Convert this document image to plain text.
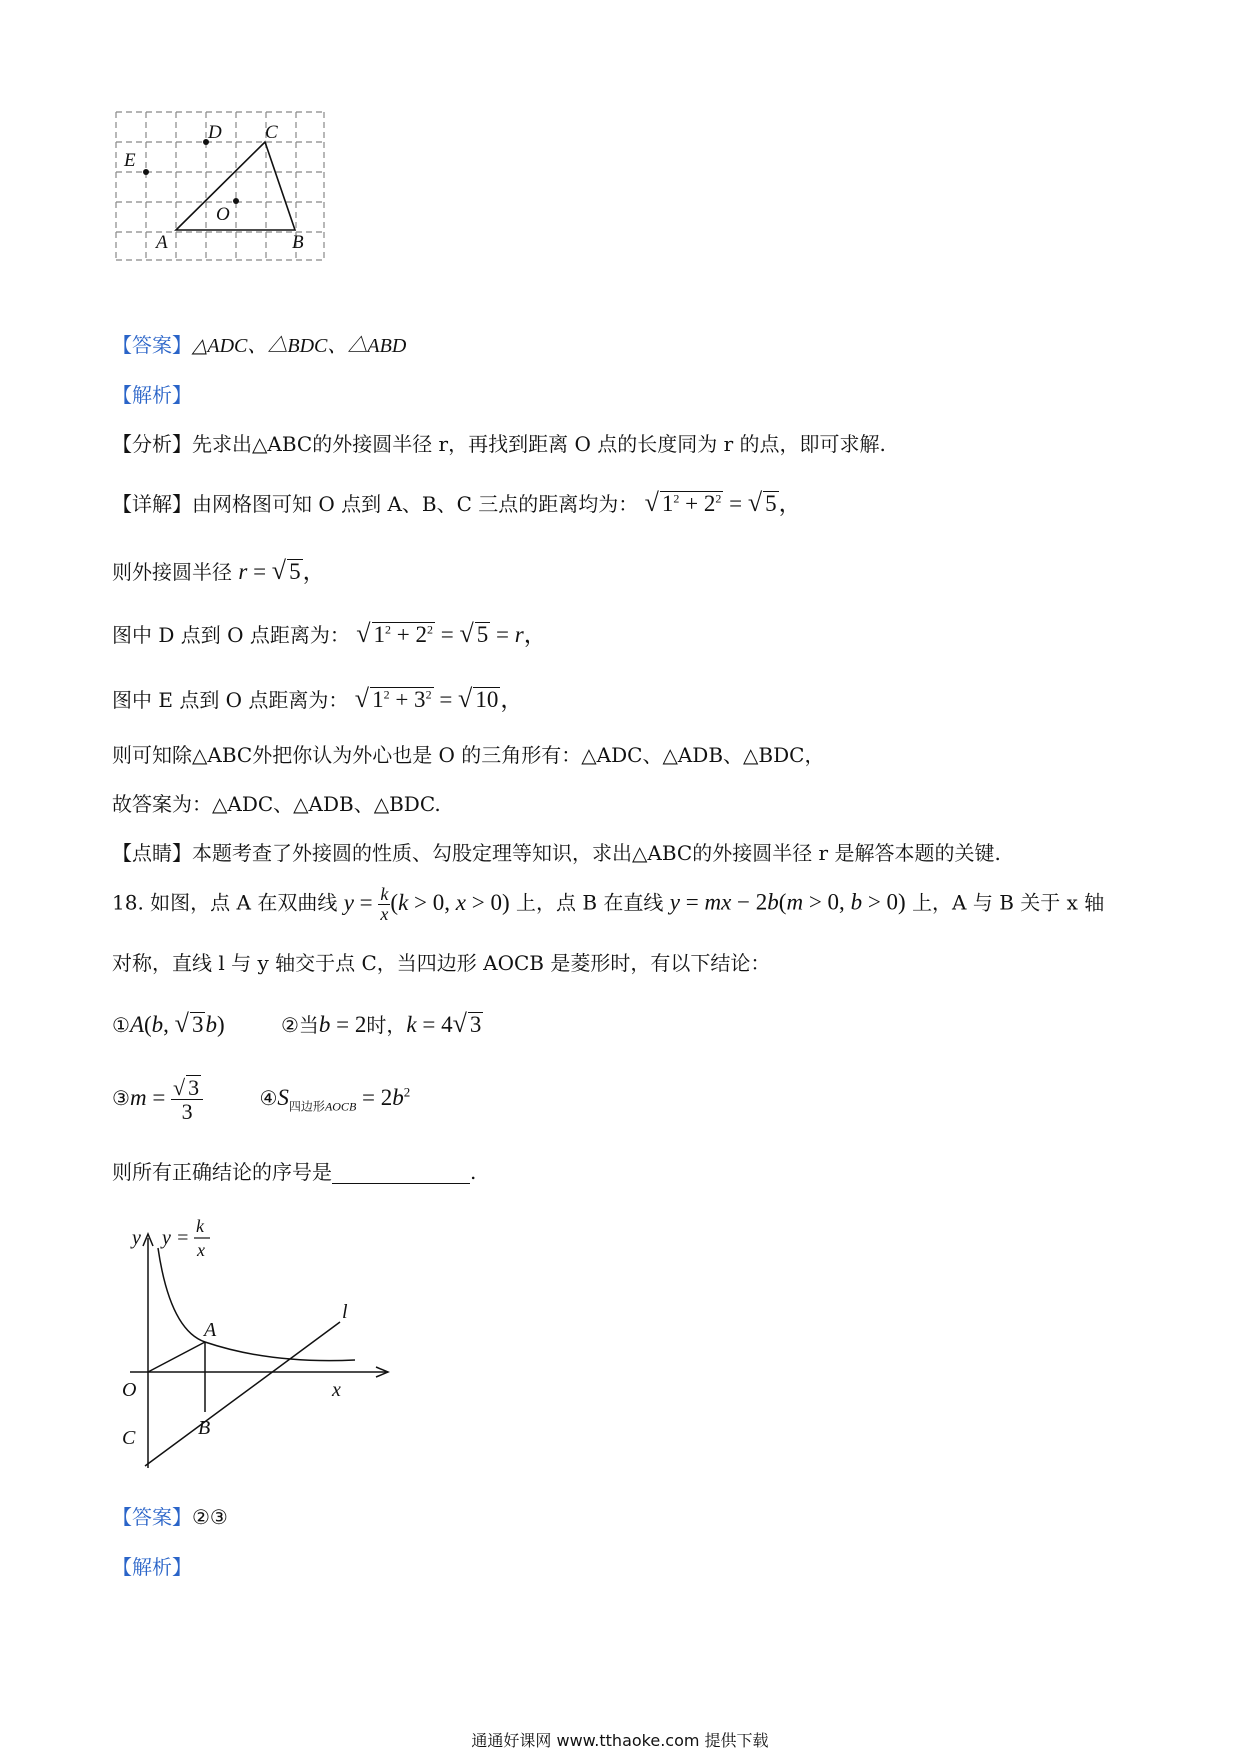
D C
E
O
A	B
【答案】△ADC、△BDC、△ABD
【解析】
【分析】先求出△ABC的外接圆半径 r，再找到距离 O 点的长度同为 r 的点，即可求解.
【详解】由网格图可知 O 点到 A、B、C 三点的距离均为： √ $1^2 + 2^2$ = √ 5，
则外接圆半径 r = √ 5，
图中 D 点到 O 点距离为： √ $1^2 + 2^2$ = √ 5 = r，
图中 E 点到 O 点距离为： √ $1^2 + 3^2$ = √ 10，
则可知除△ABC外把你认为外心也是 O 的三角形有：△ADC、△ADB、△BDC，
故答案为：△ADC、△ADB、△BDC.
【点睛】本题考查了外接圆的性质、勾股定理等知识，求出△ABC的外接圆半径 r 是解答本题的关键.
18. 如图，点 A 在双曲线 $y = \frac{k}{x} (k > 0$, x > 0) 上，点 B 在直线 y = mx − 2b(m > 0, b > 0) 上，A 与 B 关于 x 轴
对称，直线 l 与 y 轴交于点 C，当四边形 AOCB 是菱形时，有以下结论：
①A(b, √ 3b)	②当b = 2时，k = 4√ 3
③m = $\frac{√ 3}{3}$	$④S_{四边形AOCB} = 2b^2$
则所有正确结论的序号是	.
y y =
k
x
A
l
O	x
C	B
【答案】②③
【解析】
通通好课网 www.tthaoke.com 提供下载
